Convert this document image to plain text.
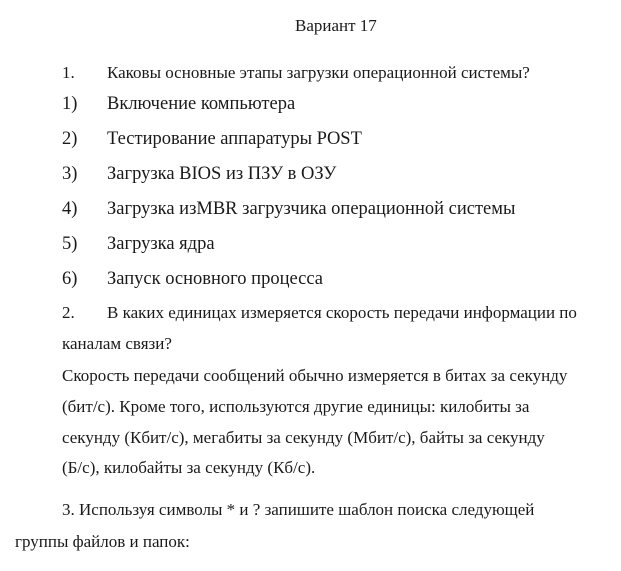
Вариант 17
1. Каковы основные этапы загрузки операционной системы?
1) Включение компьютера
2) Тестирование аппаратуры POST
3) Загрузка BIOS из ПЗУ в ОЗУ
4) Загрузка изMBR загрузчика операционной системы
5) Загрузка ядра
6) Запуск основного процесса
2. В каких единицах измеряется скорость передачи информации по
каналам связи?
Скорость передачи сообщений обычно измеряется в битах за секунду
(бит/с). Кроме того, используются другие единицы: килобиты за
секунду (Кбит/с), мегабиты за секунду (Мбит/с), байты за секунду
(Б/с), килобайты за секунду (Кб/с).
3. Используя символы * и ? запишите шаблон поиска следующей
группы файлов и папок:
